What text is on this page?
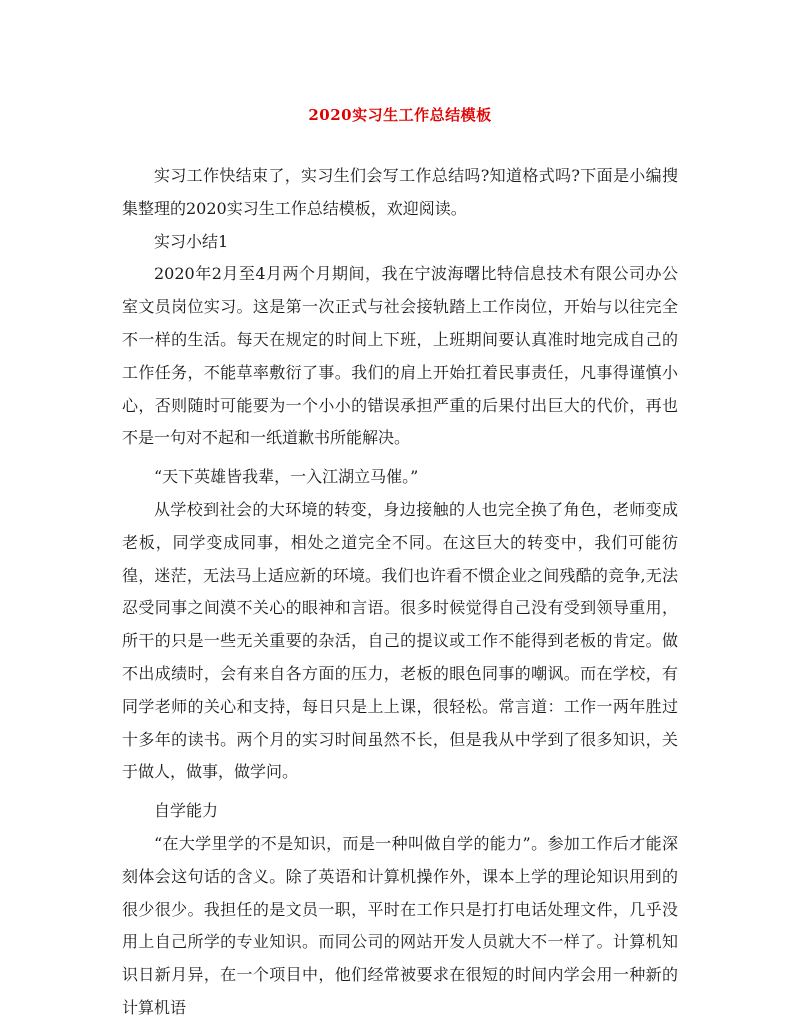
2020实习生工作总结模板

实习工作快结束了，实习生们会写工作总结吗?知道格式吗?下面是小编搜集整理的2020实习生工作总结模板，欢迎阅读。

实习小结1

2020年2月至4月两个月期间，我在宁波海曙比特信息技术有限公司办公室文员岗位实习。这是第一次正式与社会接轨踏上工作岗位，开始与以往完全不一样的生活。每天在规定的时间上下班，上班期间要认真准时地完成自己的工作任务，不能草率敷衍了事。我们的肩上开始扛着民事责任，凡事得谨慎小心，否则随时可能要为一个小小的错误承担严重的后果付出巨大的代价，再也不是一句对不起和一纸道歉书所能解决。

“天下英雄皆我辈，一入江湖立马催。”

从学校到社会的大环境的转变，身边接触的人也完全换了角色，老师变成老板，同学变成同事，相处之道完全不同。在这巨大的转变中，我们可能彷徨，迷茫，无法马上适应新的环境。我们也许看不惯企业之间残酷的竞争,无法忍受同事之间漠不关心的眼神和言语。很多时候觉得自己没有受到领导重用，所干的只是一些无关重要的杂活，自己的提议或工作不能得到老板的肯定。做不出成绩时，会有来自各方面的压力，老板的眼色同事的嘲讽。而在学校，有同学老师的关心和支持，每日只是上上课，很轻松。常言道：工作一两年胜过十多年的读书。两个月的实习时间虽然不长，但是我从中学到了很多知识，关于做人，做事，做学问。

自学能力

“在大学里学的不是知识，而是一种叫做自学的能力”。参加工作后才能深刻体会这句话的含义。除了英语和计算机操作外，课本上学的理论知识用到的很少很少。我担任的是文员一职，平时在工作只是打打电话处理文件，几乎没用上自己所学的专业知识。而同公司的网站开发人员就大不一样了。计算机知识日新月异，在一个项目中，他们经常被要求在很短的时间内学会用一种新的计算机语
